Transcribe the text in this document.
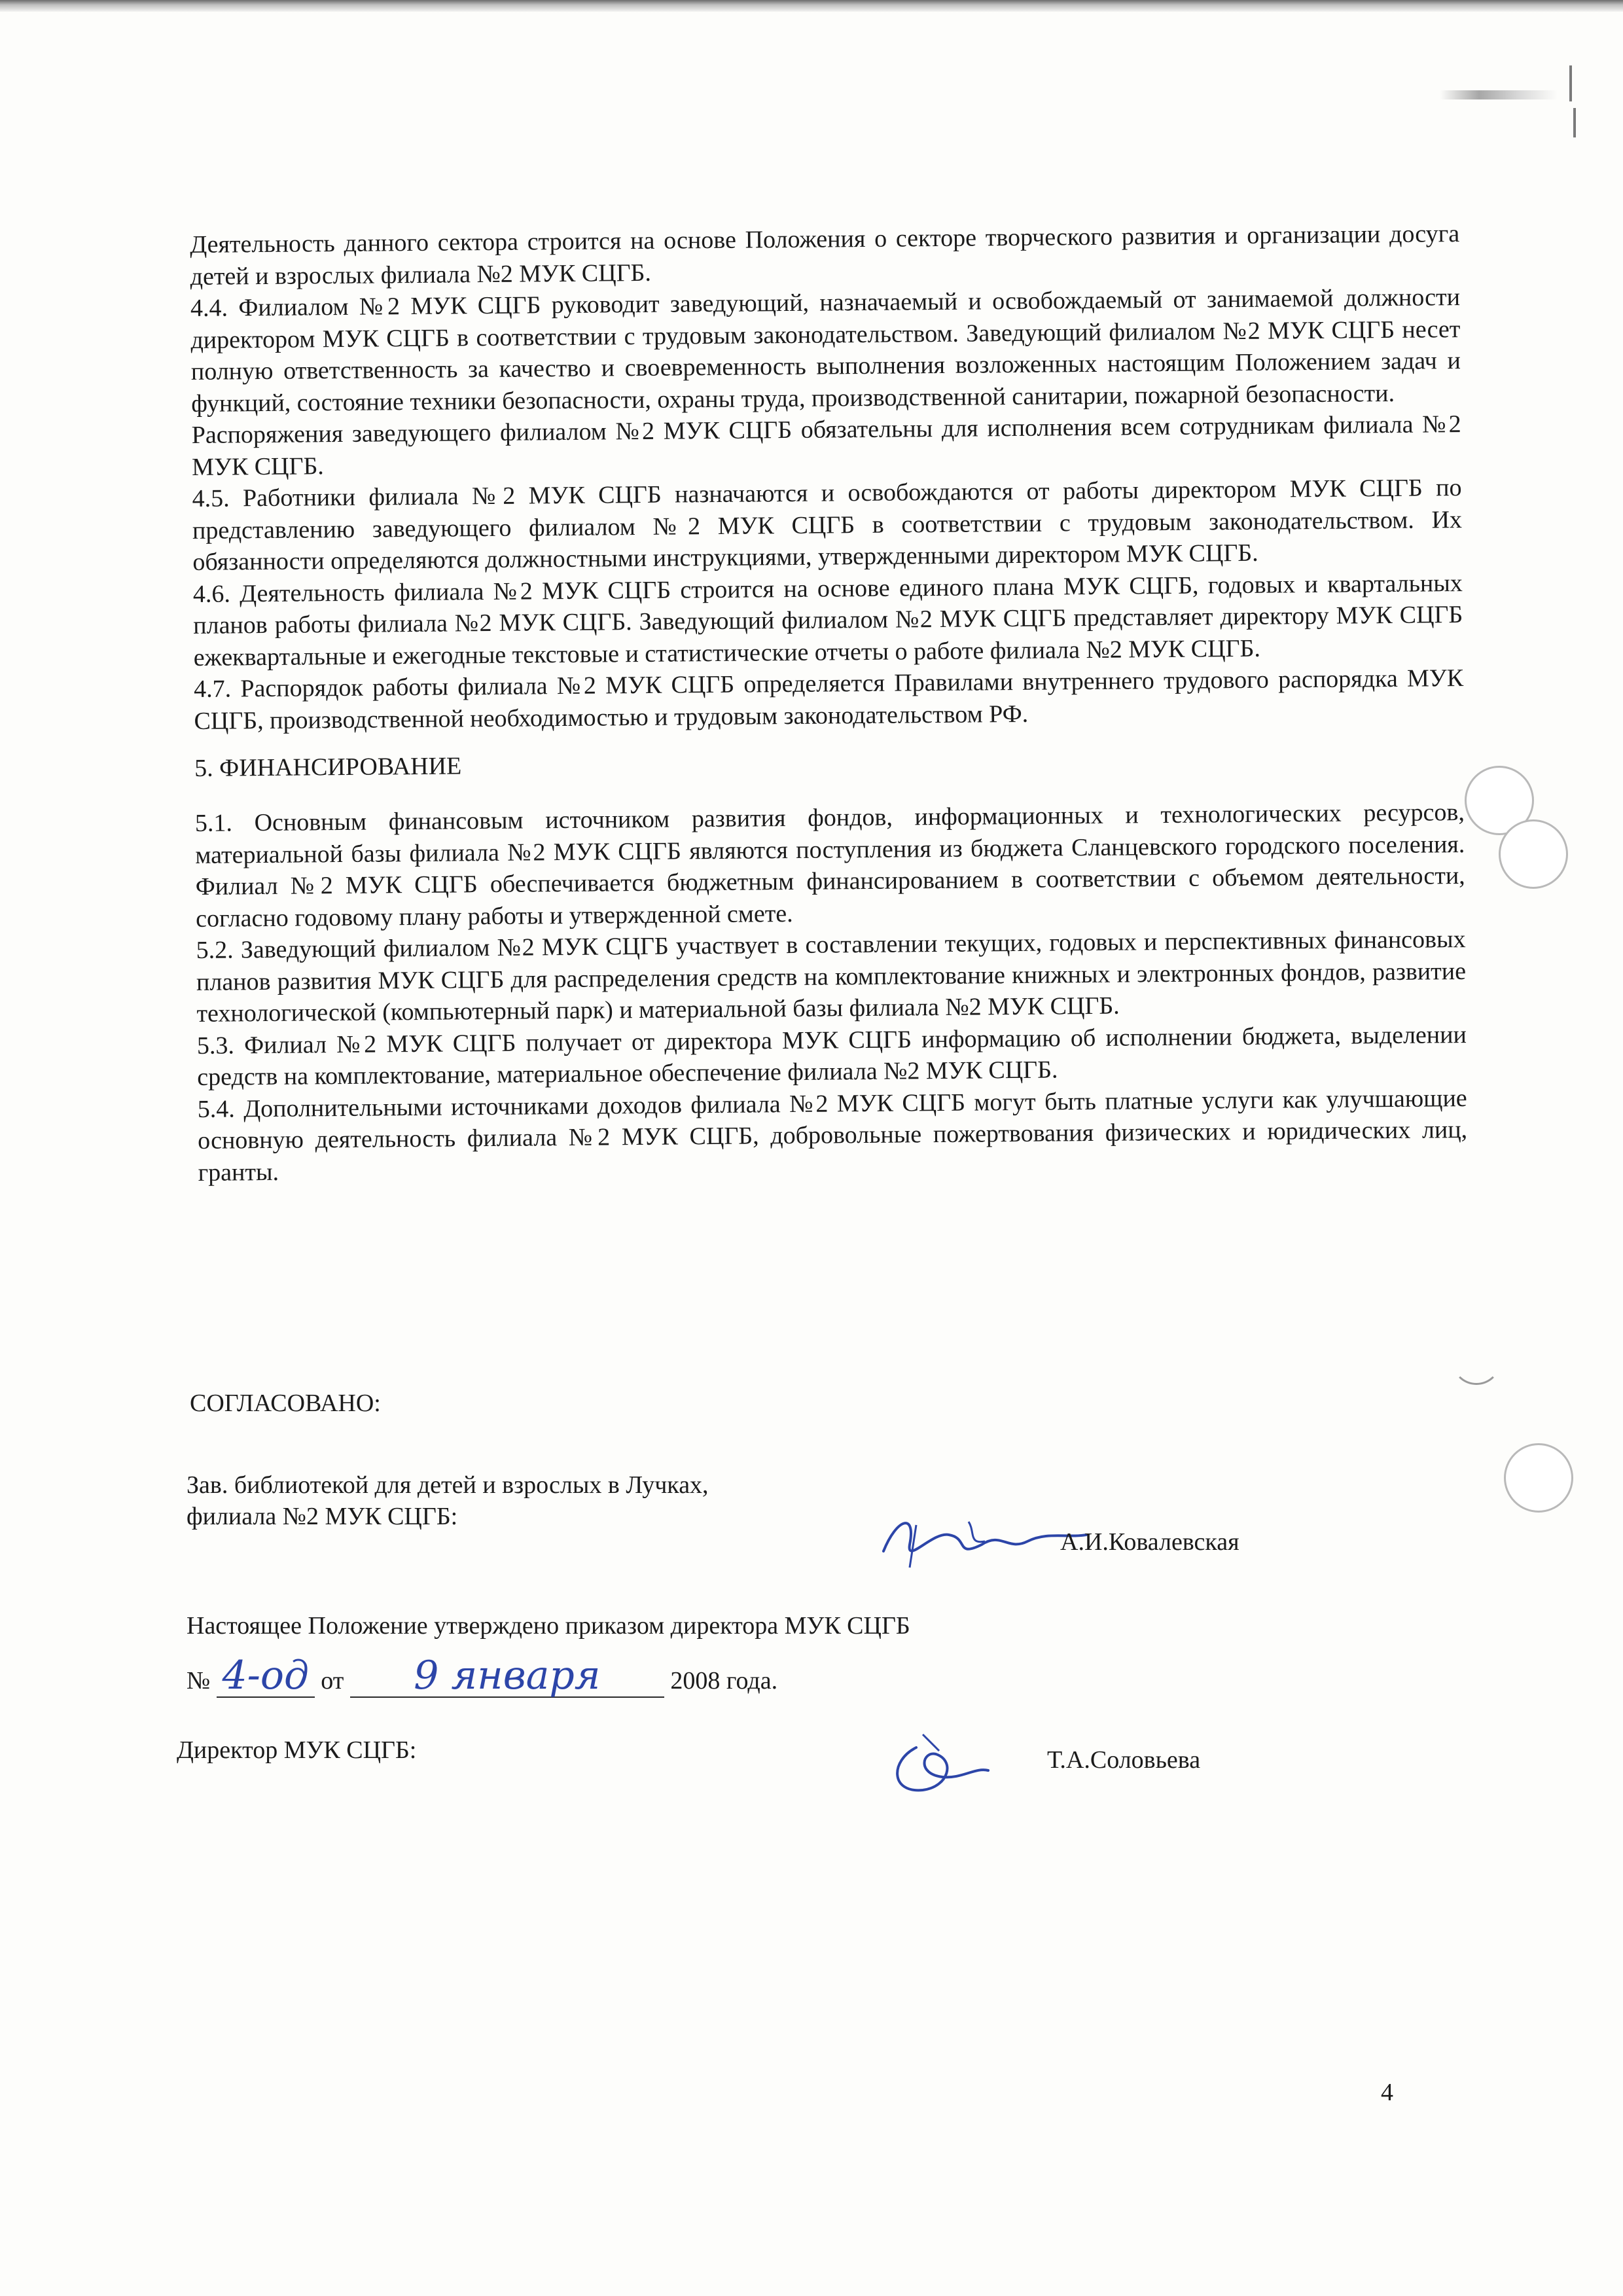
Деятельность данного сектора строится на основе Положения о секторе творческого развития и организации досуга детей и взрослых филиала №2 МУК СЦГБ.

4.4. Филиалом №2 МУК СЦГБ руководит заведующий, назначаемый и освобождаемый от занимаемой должности директором МУК СЦГБ в соответствии с трудовым законодательством. Заведующий филиалом №2 МУК СЦГБ несет полную ответственность за качество и своевременность выполнения возложенных настоящим Положением задач и функций, состояние техники безопасности, охраны труда, производственной санитарии, пожарной безопасности.

Распоряжения заведующего филиалом №2 МУК СЦГБ обязательны для исполнения всем сотрудникам филиала №2 МУК СЦГБ.

4.5. Работники филиала №2 МУК СЦГБ назначаются и освобождаются от работы директором МУК СЦГБ по представлению заведующего филиалом №2 МУК СЦГБ в соответствии с трудовым законодательством. Их обязанности определяются должностными инструкциями, утвержденными директором МУК СЦГБ.

4.6. Деятельность филиала №2 МУК СЦГБ строится на основе единого плана МУК СЦГБ, годовых и квартальных планов работы филиала №2 МУК СЦГБ. Заведующий филиалом №2 МУК СЦГБ представляет директору МУК СЦГБ ежеквартальные и ежегодные текстовые и статистические отчеты о работе филиала №2 МУК СЦГБ.

4.7. Распорядок работы филиала №2 МУК СЦГБ определяется Правилами внутреннего трудового распорядка МУК СЦГБ, производственной необходимостью и трудовым законодательством РФ.

5. ФИНАНСИРОВАНИЕ

5.1. Основным финансовым источником развития фондов, информационных и технологических ресурсов, материальной базы филиала №2 МУК СЦГБ являются поступления из бюджета Сланцевского городского поселения. Филиал №2 МУК СЦГБ обеспечивается бюджетным финансированием в соответствии с объемом деятельности, согласно годовому плану работы и утвержденной смете.

5.2. Заведующий филиалом №2 МУК СЦГБ участвует в составлении текущих, годовых и перспективных финансовых планов развития МУК СЦГБ для распределения средств на комплектование книжных и электронных фондов, развитие технологической (компьютерный парк) и материальной базы филиала №2 МУК СЦГБ.

5.3. Филиал №2 МУК СЦГБ получает от директора МУК СЦГБ информацию об исполнении бюджета, выделении средств на комплектование, материальное обеспечение филиала №2 МУК СЦГБ.

5.4. Дополнительными источниками доходов филиала №2 МУК СЦГБ могут быть платные услуги как улучшающие основную деятельность филиала №2 МУК СЦГБ, добровольные пожертвования физических и юридических лиц, гранты.

СОГЛАСОВАНО:
Зав. библиотекой для детей и взрослых в Лучках,
филиала №2 МУК СЦГБ:
А.И.Ковалевская
Настоящее Положение утверждено приказом директора МУК СЦГБ
№ 4-од от 9 января	2008 года.
Директор МУК СЦГБ:	Т.А.Соловьева
4
